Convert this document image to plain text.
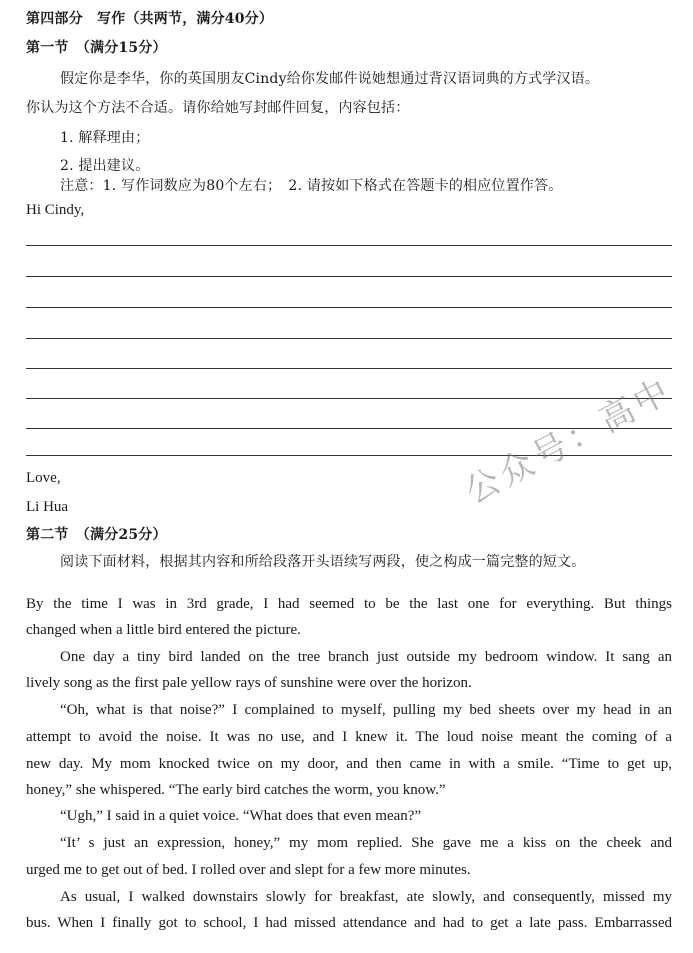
第四部分　写作（共两节，满分40分）
第一节　（满分15分）
假定你是李华，你的英国朋友Cindy给你发邮件说她想通过背汉语词典的方式学汉语。
你认为这个方法不合适。请你给她写封邮件回复，内容包括：
1. 解释理由；
2. 提出建议。
注意：1. 写作词数应为80个左右；　2. 请按如下格式在答题卡的相应位置作答。
Hi Cindy,
Love,
Li Hua
第二节　（满分25分）
阅读下面材料，根据其内容和所给段落开头语续写两段，使之构成一篇完整的短文。
By the time I was in 3rd grade, I had seemed to be the last one for everything. But things
changed when a little bird entered the picture.
One day a tiny bird landed on the tree branch just outside my bedroom window. It sang an
lively song as the first pale yellow rays of sunshine were over the horizon.
“Oh, what is that noise?” I complained to myself, pulling my bed sheets over my head in an
attempt to avoid the noise. It was no use, and I knew it. The loud noise meant the coming of a
new day. My mom knocked twice on my door, and then came in with a smile. “Time to get up,
honey,” she whispered. “The early bird catches the worm, you know.”
“Ugh,” I said in a quiet voice. “What does that even mean?”
“It’ s just an expression, honey,” my mom replied. She gave me a kiss on the cheek and
urged me to get out of bed. I rolled over and slept for a few more minutes.
As usual, I walked downstairs slowly for breakfast, ate slowly, and consequently, missed my
bus. When I finally got to school, I had missed attendance and had to get a late pass. Embarrassed
公众号：高中
